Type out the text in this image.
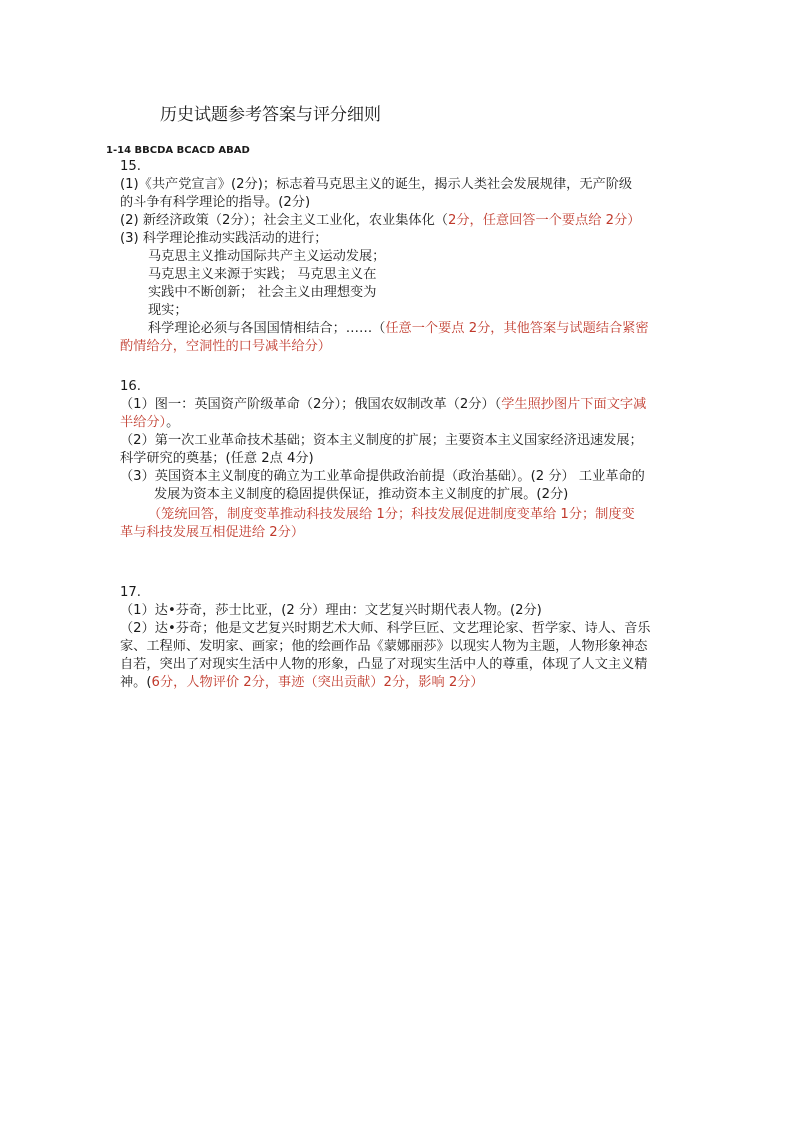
历史试题参考答案与评分细则
1-14 BBCDA BCACD ABAD
15.
(1)《共产党宣言》(2分)；标志着马克思主义的诞生，揭示人类社会发展规律，无产阶级
的斗争有科学理论的指导。(2分)
(2) 新经济政策（2分）；社会主义工业化，农业集体化（2分，任意回答一个要点给 2分）
(3) 科学理论推动实践活动的进行；
马克思主义推动国际共产主义运动发展；
马克思主义来源于实践； 马克思主义在
实践中不断创新； 社会主义由理想变为
现实；
科学理论必须与各国国情相结合；……（任意一个要点 2分，其他答案与试题结合紧密
酌情给分，空洞性的口号减半给分）
16.
（1）图一：英国资产阶级革命（2分）；俄国农奴制改革（2分）（学生照抄图片下面文字减
半给分）。
（2）第一次工业革命技术基础；资本主义制度的扩展；主要资本主义国家经济迅速发展；
科学研究的奠基；(任意 2点 4分)
（3）英国资本主义制度的确立为工业革命提供政治前提（政治基础）。(2 分） 工业革命的
发展为资本主义制度的稳固提供保证，推动资本主义制度的扩展。(2分)
（笼统回答，制度变革推动科技发展给 1分；科技发展促进制度变革给 1分；制度变
革与科技发展互相促进给 2分）
17.
（1）达•芬奇，莎士比亚，(2 分）理由：文艺复兴时期代表人物。(2分)
（2）达•芬奇；他是文艺复兴时期艺术大师、科学巨匠、文艺理论家、哲学家、诗人、音乐
家、工程师、发明家、画家；他的绘画作品《蒙娜丽莎》以现实人物为主题，人物形象神态
自若，突出了对现实生活中人物的形象，凸显了对现实生活中人的尊重，体现了人文主义精
神。(6分，人物评价 2分，事迹（突出贡献）2分，影响 2分）
